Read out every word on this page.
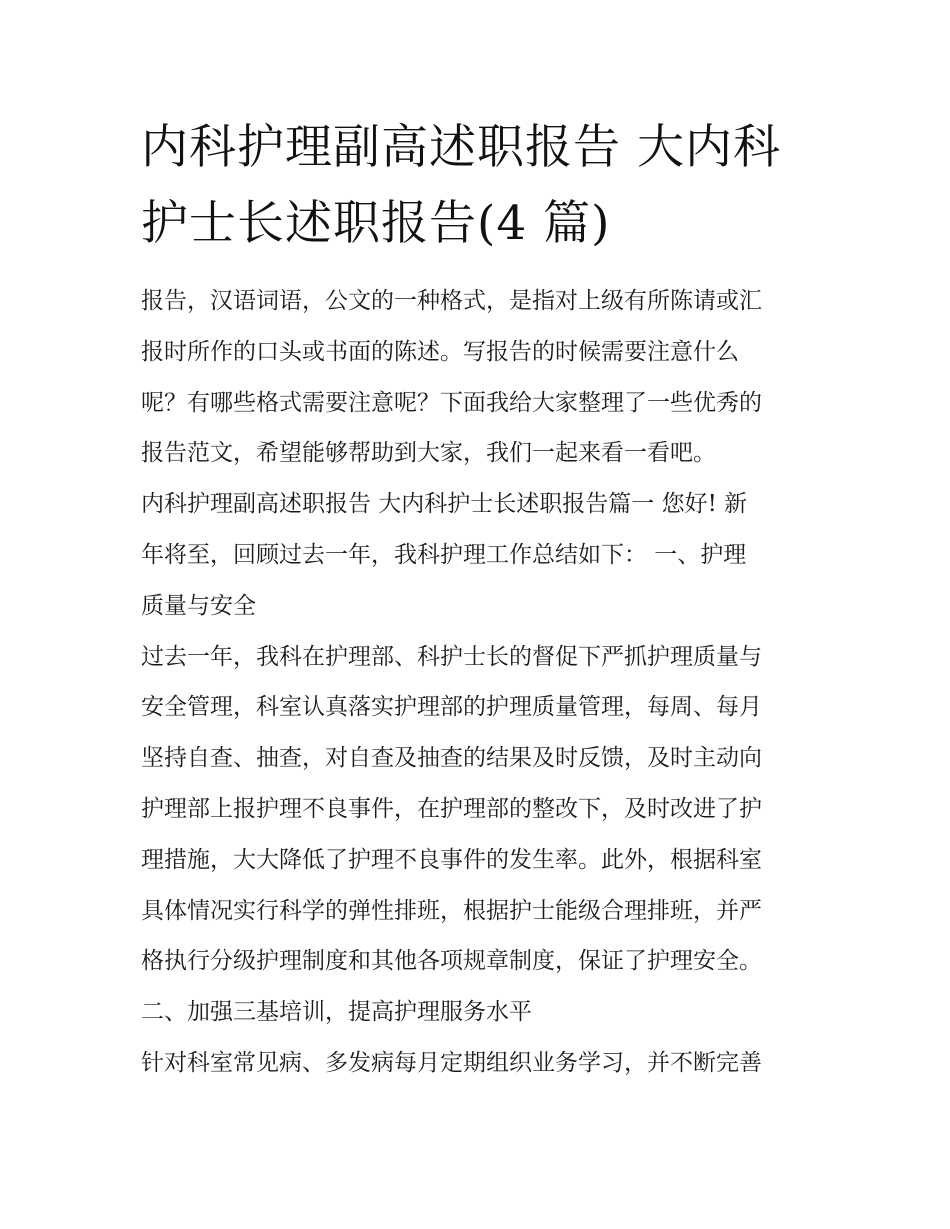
内科护理副高述职报告 大内科
护士长述职报告(4 篇)
报告，汉语词语，公文的一种格式，是指对上级有所陈请或汇
报时所作的口头或书面的陈述。写报告的时候需要注意什么
呢？有哪些格式需要注意呢？下面我给大家整理了一些优秀的
报告范文，希望能够帮助到大家，我们一起来看一看吧。
内科护理副高述职报告 大内科护士长述职报告篇一 您好! 新
年将至，回顾过去一年，我科护理工作总结如下： 一、护理
质量与安全
过去一年，我科在护理部、科护士长的督促下严抓护理质量与
安全管理，科室认真落实护理部的护理质量管理，每周、每月
坚持自查、抽查，对自查及抽查的结果及时反馈，及时主动向
护理部上报护理不良事件，在护理部的整改下，及时改进了护
理措施，大大降低了护理不良事件的发生率。此外，根据科室
具体情况实行科学的弹性排班，根据护士能级合理排班，并严
格执行分级护理制度和其他各项规章制度，保证了护理安全。
二、加强三基培训，提高护理服务水平
针对科室常见病、多发病每月定期组织业务学习，并不断完善
